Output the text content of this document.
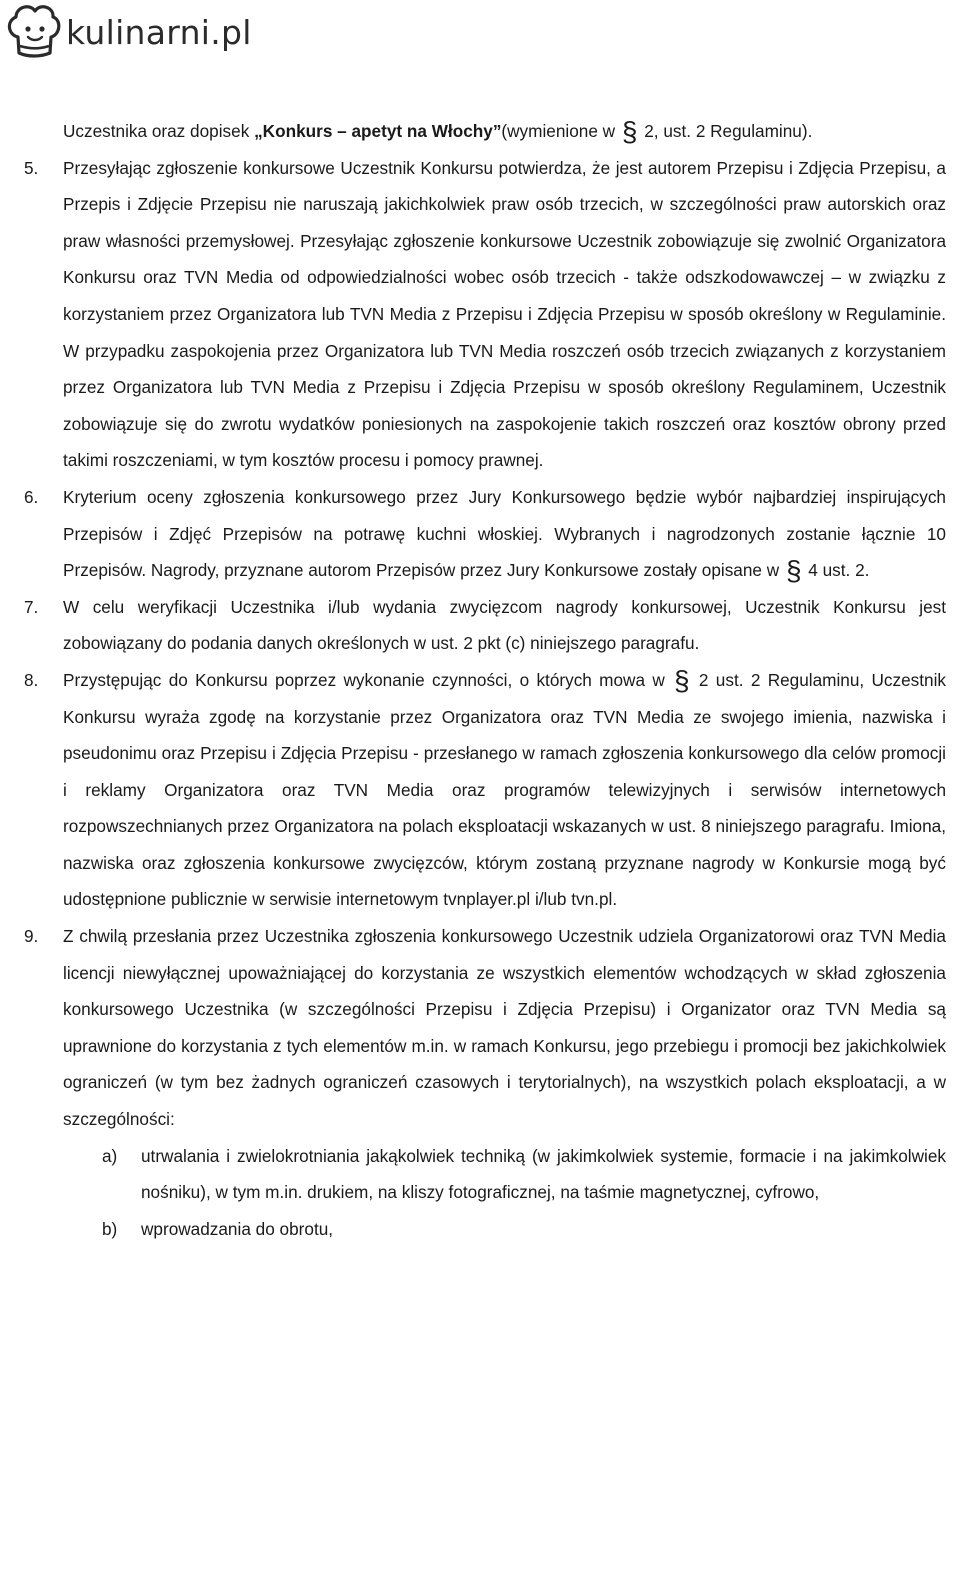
kulinarni.pl

Uczestnika oraz dopisek „Konkurs – apetyt na Włochy”(wymienione w § 2, ust. 2 Regulaminu).

5. Przesyłając zgłoszenie konkursowe Uczestnik Konkursu potwierdza, że jest autorem Przepisu i Zdjęcia Przepisu, a Przepis i Zdjęcie Przepisu nie naruszają jakichkolwiek praw osób trzecich, w szczególności praw autorskich oraz praw własności przemysłowej. Przesyłając zgłoszenie konkursowe Uczestnik zobowiązuje się zwolnić Organizatora Konkursu oraz TVN Media od odpowiedzialności wobec osób trzecich - także odszkodowawczej – w związku z korzystaniem przez Organizatora lub TVN Media z Przepisu i Zdjęcia Przepisu w sposób określony w Regulaminie. W przypadku zaspokojenia przez Organizatora lub TVN Media roszczeń osób trzecich związanych z korzystaniem przez Organizatora lub TVN Media z Przepisu i Zdjęcia Przepisu w sposób określony Regulaminem, Uczestnik zobowiązuje się do zwrotu wydatków poniesionych na zaspokojenie takich roszczeń oraz kosztów obrony przed takimi roszczeniami, w tym kosztów procesu i pomocy prawnej.

6. Kryterium oceny zgłoszenia konkursowego przez Jury Konkursowego będzie wybór najbardziej inspirujących Przepisów i Zdjęć Przepisów na potrawę kuchni włoskiej. Wybranych i nagrodzonych zostanie łącznie 10 Przepisów. Nagrody, przyznane autorom Przepisów przez Jury Konkursowe zostały opisane w § 4 ust. 2.

7. W celu weryfikacji Uczestnika i/lub wydania zwycięzcom nagrody konkursowej, Uczestnik Konkursu jest zobowiązany do podania danych określonych w ust. 2 pkt (c) niniejszego paragrafu.

8. Przystępując do Konkursu poprzez wykonanie czynności, o których mowa w § 2 ust. 2 Regulaminu, Uczestnik Konkursu wyraża zgodę na korzystanie przez Organizatora oraz TVN Media ze swojego imienia, nazwiska i pseudonimu oraz Przepisu i Zdjęcia Przepisu - przesłanego w ramach zgłoszenia konkursowego dla celów promocji i reklamy Organizatora oraz TVN Media oraz programów telewizyjnych i serwisów internetowych rozpowszechnianych przez Organizatora na polach eksploatacji wskazanych w ust. 8 niniejszego paragrafu. Imiona, nazwiska oraz zgłoszenia konkursowe zwycięzców, którym zostaną przyznane nagrody w Konkursie mogą być udostępnione publicznie w serwisie internetowym tvnplayer.pl i/lub tvn.pl.

9. Z chwilą przesłania przez Uczestnika zgłoszenia konkursowego Uczestnik udziela Organizatorowi oraz TVN Media licencji niewyłącznej upoważniającej do korzystania ze wszystkich elementów wchodzących w skład zgłoszenia konkursowego Uczestnika (w szczególności Przepisu i Zdjęcia Przepisu) i Organizator oraz TVN Media są uprawnione do korzystania z tych elementów m.in. w ramach Konkursu, jego przebiegu i promocji bez jakichkolwiek ograniczeń (w tym bez żadnych ograniczeń czasowych i terytorialnych), na wszystkich polach eksploatacji, a w szczególności:

a) utrwalania i zwielokrotniania jakąkolwiek techniką (w jakimkolwiek systemie, formacie i na jakimkolwiek nośniku), w tym m.in. drukiem, na kliszy fotograficznej, na taśmie magnetycznej, cyfrowo,

b) wprowadzania do obrotu,
